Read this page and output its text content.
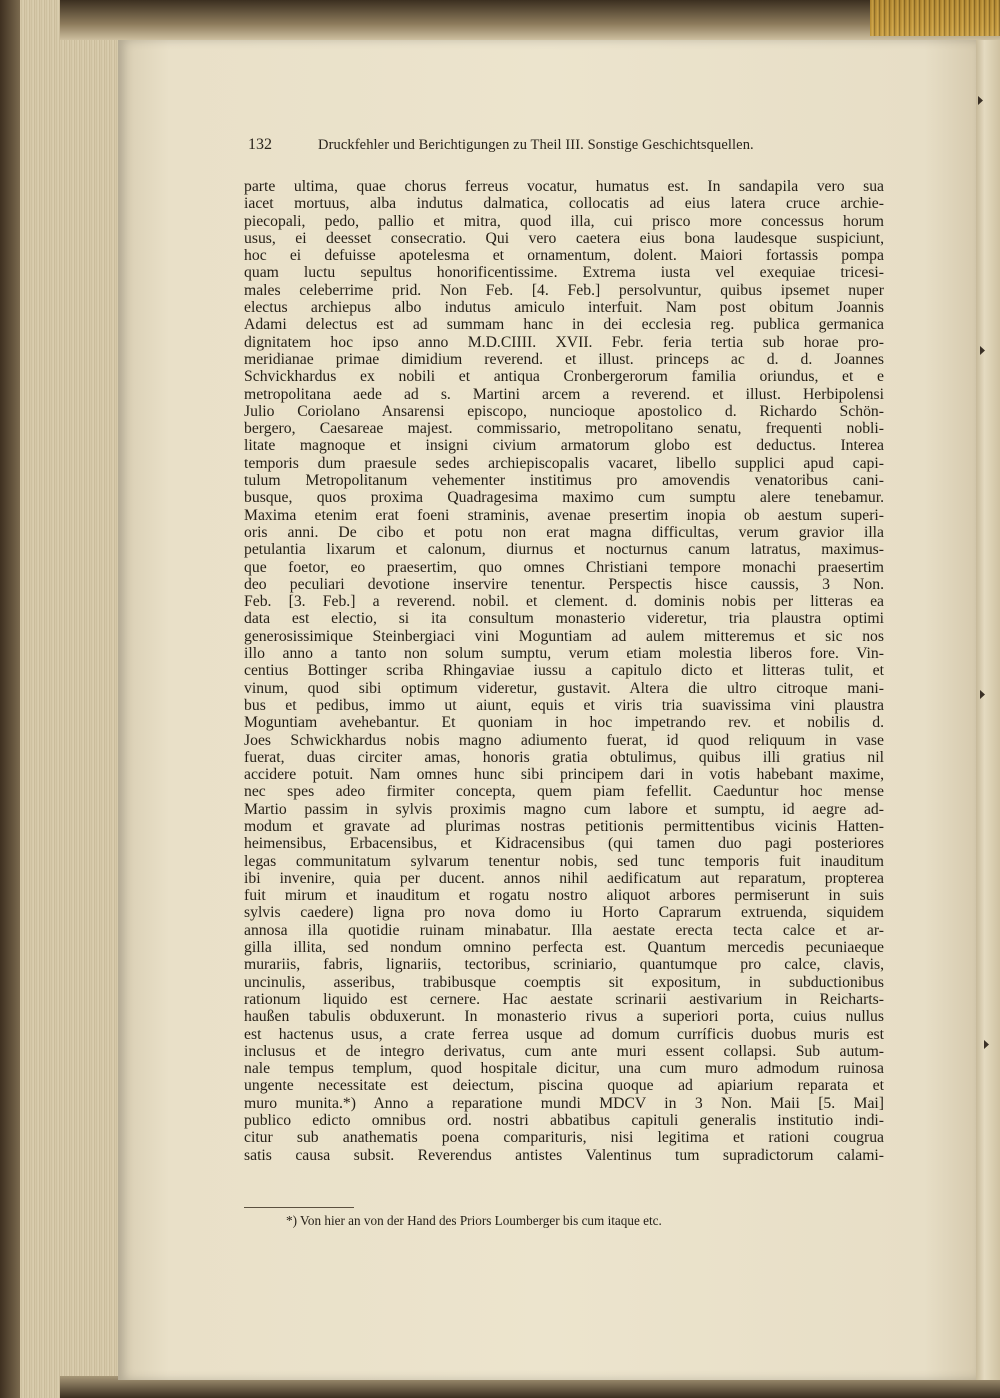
132	Druckfehler und Berichtigungen zu Theil III. Sonstige Geschichtsquellen.
parte ultima, quae chorus ferreus vocatur, humatus est. In sandapila vero sua
iacet mortuus, alba indutus dalmatica, collocatis ad eius latera cruce archie-
piecopali, pedo, pallio et mitra, quod illa, cui prisco more concessus horum
usus, ei deesset consecratio. Qui vero caetera eius bona laudesque suspiciunt,
hoc ei defuisse apotelesma et ornamentum, dolent. Maiori fortassis pompa
quam luctu sepultus honorificentissime. Extrema iusta vel exequiae tricesi-
males celeberrime prid. Non Feb. [4. Feb.] persolvuntur, quibus ipsemet nuper
electus archiepus albo indutus amiculo interfuit. Nam post obitum Joannis
Adami delectus est ad summam hanc in dei ecclesia reg. publica germanica
dignitatem hoc ipso anno M.D.CIIII. XVII. Febr. feria tertia sub horae pro-
meridianae primae dimidium reverend. et illust. princeps ac d. d. Joannes
Schvickhardus ex nobili et antiqua Cronbergerorum familia oriundus, et e
metropolitana aede ad s. Martini arcem a reverend. et illust. Herbipolensi
Julio Coriolano Ansarensi episcopo, nuncioque apostolico d. Richardo Schön-
bergero, Caesareae majest. commissario, metropolitano senatu, frequenti nobli-
litate magnoque et insigni civium armatorum globo est deductus. Interea
temporis dum praesule sedes archiepiscopalis vacaret, libello supplici apud capi-
tulum Metropolitanum vehementer institimus pro amovendis venatoribus cani-
busque, quos proxima Quadragesima maximo cum sumptu alere tenebamur.
Maxima etenim erat foeni straminis, avenae presertim inopia ob aestum superi-
oris anni. De cibo et potu non erat magna difficultas, verum gravior illa
petulantia lixarum et calonum, diurnus et nocturnus canum latratus, maximus-
que foetor, eo praesertim, quo omnes Christiani tempore monachi praesertim
deo peculiari devotione inservire tenentur. Perspectis hisce caussis, 3 Non.
Feb. [3. Feb.] a reverend. nobil. et clement. d. dominis nobis per litteras ea
data est electio, si ita consultum monasterio videretur, tria plaustra optimi
generosissimique Steinbergiaci vini Moguntiam ad aulem mitteremus et sic nos
illo anno a tanto non solum sumptu, verum etiam molestia liberos fore. Vin-
centius Bottinger scriba Rhingaviae iussu a capitulo dicto et litteras tulit, et
vinum, quod sibi optimum videretur, gustavit. Altera die ultro citroque mani-
bus et pedibus, immo ut aiunt, equis et viris tria suavissima vini plaustra
Moguntiam avehebantur. Et quoniam in hoc impetrando rev. et nobilis d.
Joes Schwickhardus nobis magno adiumento fuerat, id quod reliquum in vase
fuerat, duas circiter amas, honoris gratia obtulimus, quibus illi gratius nil
accidere potuit. Nam omnes hunc sibi principem dari in votis habebant maxime,
nec spes adeo firmiter conceptа, quem piam fefellit. Caeduntur hoc mense
Martio passim in sylvis proximis magno cum labore et sumptu, id aegre ad-
modum et gravate ad plurimas nostras petitionis permittentibus vicinis Hatten-
heimensibus, Erbacensibus, et Kidracensibus (qui tamen duo pagi posteriores
legas communitatum sylvarum tenentur nobis, sed tunc temporis fuit inauditum
ibi invenire, quia per ducent. annos nihil aedificatum aut reparatum, propterea
fuit mirum et inauditum et rogatu nostro aliquot arbores permiserunt in suis
sylvis caedere) ligna pro nova domo iu Horto Caprarum extruenda, siquidem
annosa illa quotidie ruinam minabatur. Illa aestate erecta tecta calce et ar-
gilla illita, sed nondum omnino perfecta est. Quantum mercedis pecuniaeque
murariis, fabris, lignariis, tectoribus, scriniario, quantumque pro calce, clavis,
uncinulis, asseribus, trabibusque coemptis sit expositum, in subductionibus
rationum liquido est cernere. Hac aestate scrinarii aestivarium in Reicharts-
haußen tabulis obduxerunt. In monasterio rivus a superiori porta, cuius nullus
est hactenus usus, a crate ferrea usque ad domum curríficis duobus muris est
inclusus et de integro derivatus, cum ante muri essent collapsi. Sub autum-
nale tempus templum, quod hospitale dicitur, una cum muro admodum ruinosa
ungente necessitate est deiectum, piscina quoque ad apiarium reparata et
muro munita.*) Anno a reparatione mundi MDCV in 3 Non. Maii [5. Mai]
publico edicto omnibus ord. nostri abbatibus capituli generalis institutio indi-
citur sub anathematis poena comparituris, nisi legitima et rationi cougrua
satis causa subsit. Reverendus antistes Valentinus tum supradictorum calami-
*) Von hier an von der Hand des Priors Loumberger bis cum itaque etc.
